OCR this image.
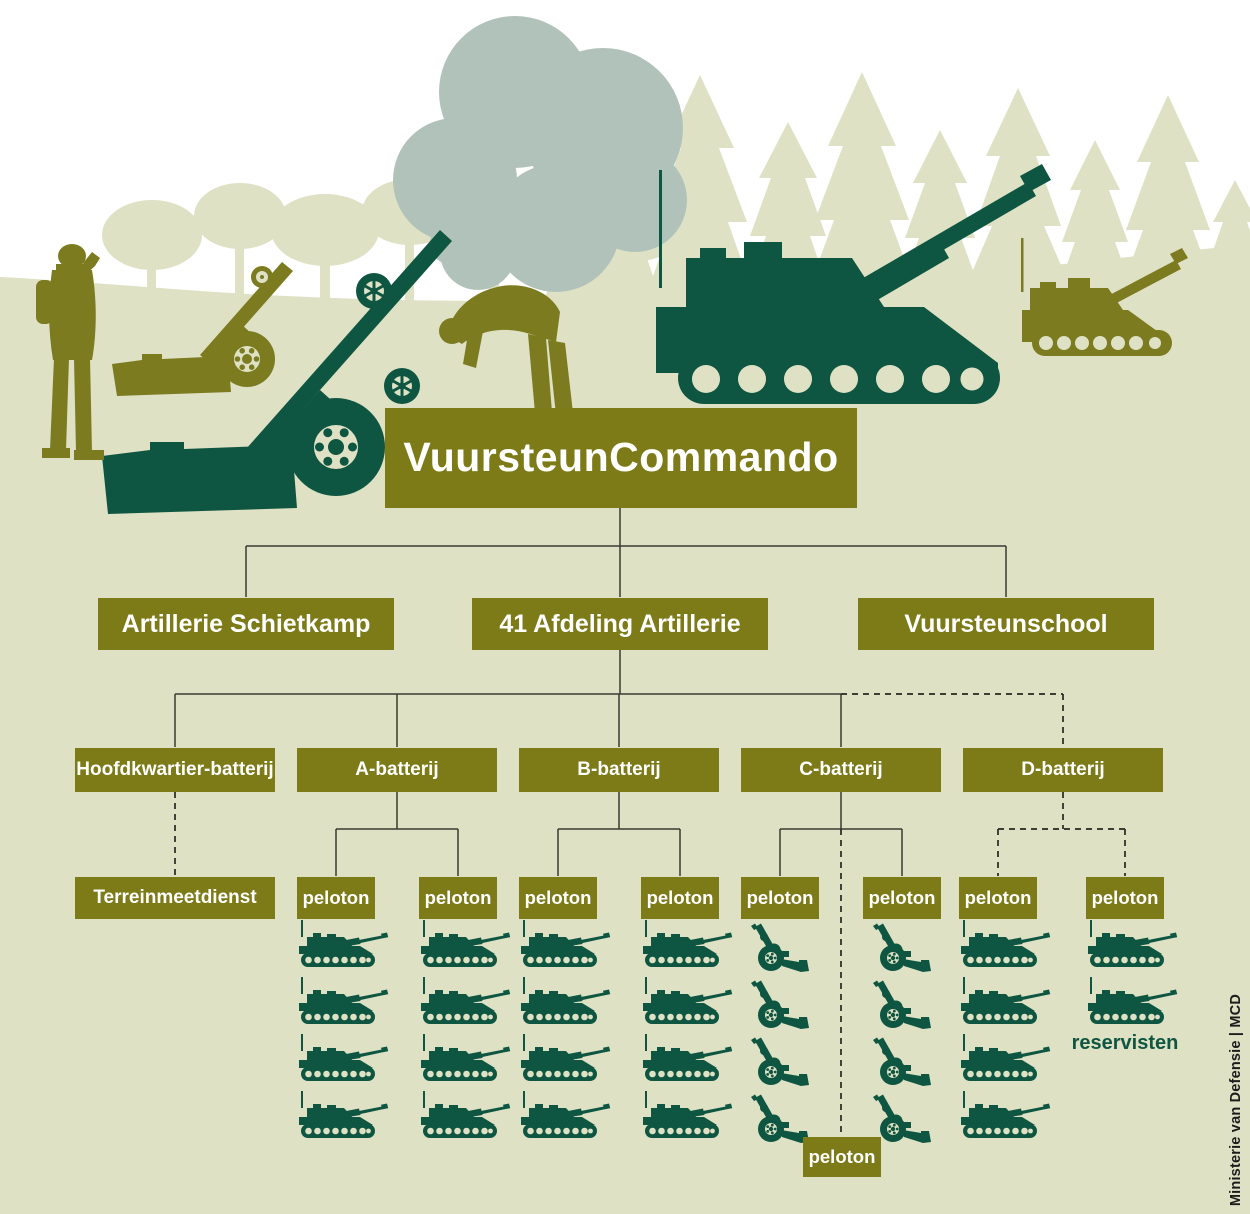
VuursteunCommando
Artillerie Schietkamp	41 Afdeling Artillerie	Vuursteunschool
Hoofdkwartier-batterij	A-batterij	B-batterij	C-batterij	D-batterij
Terreinmeetdienst	peloton	peloton	peloton	peloton	peloton	peloton	peloton	peloton
reservisten
peloton	Ministerie van Defensie | MCD
